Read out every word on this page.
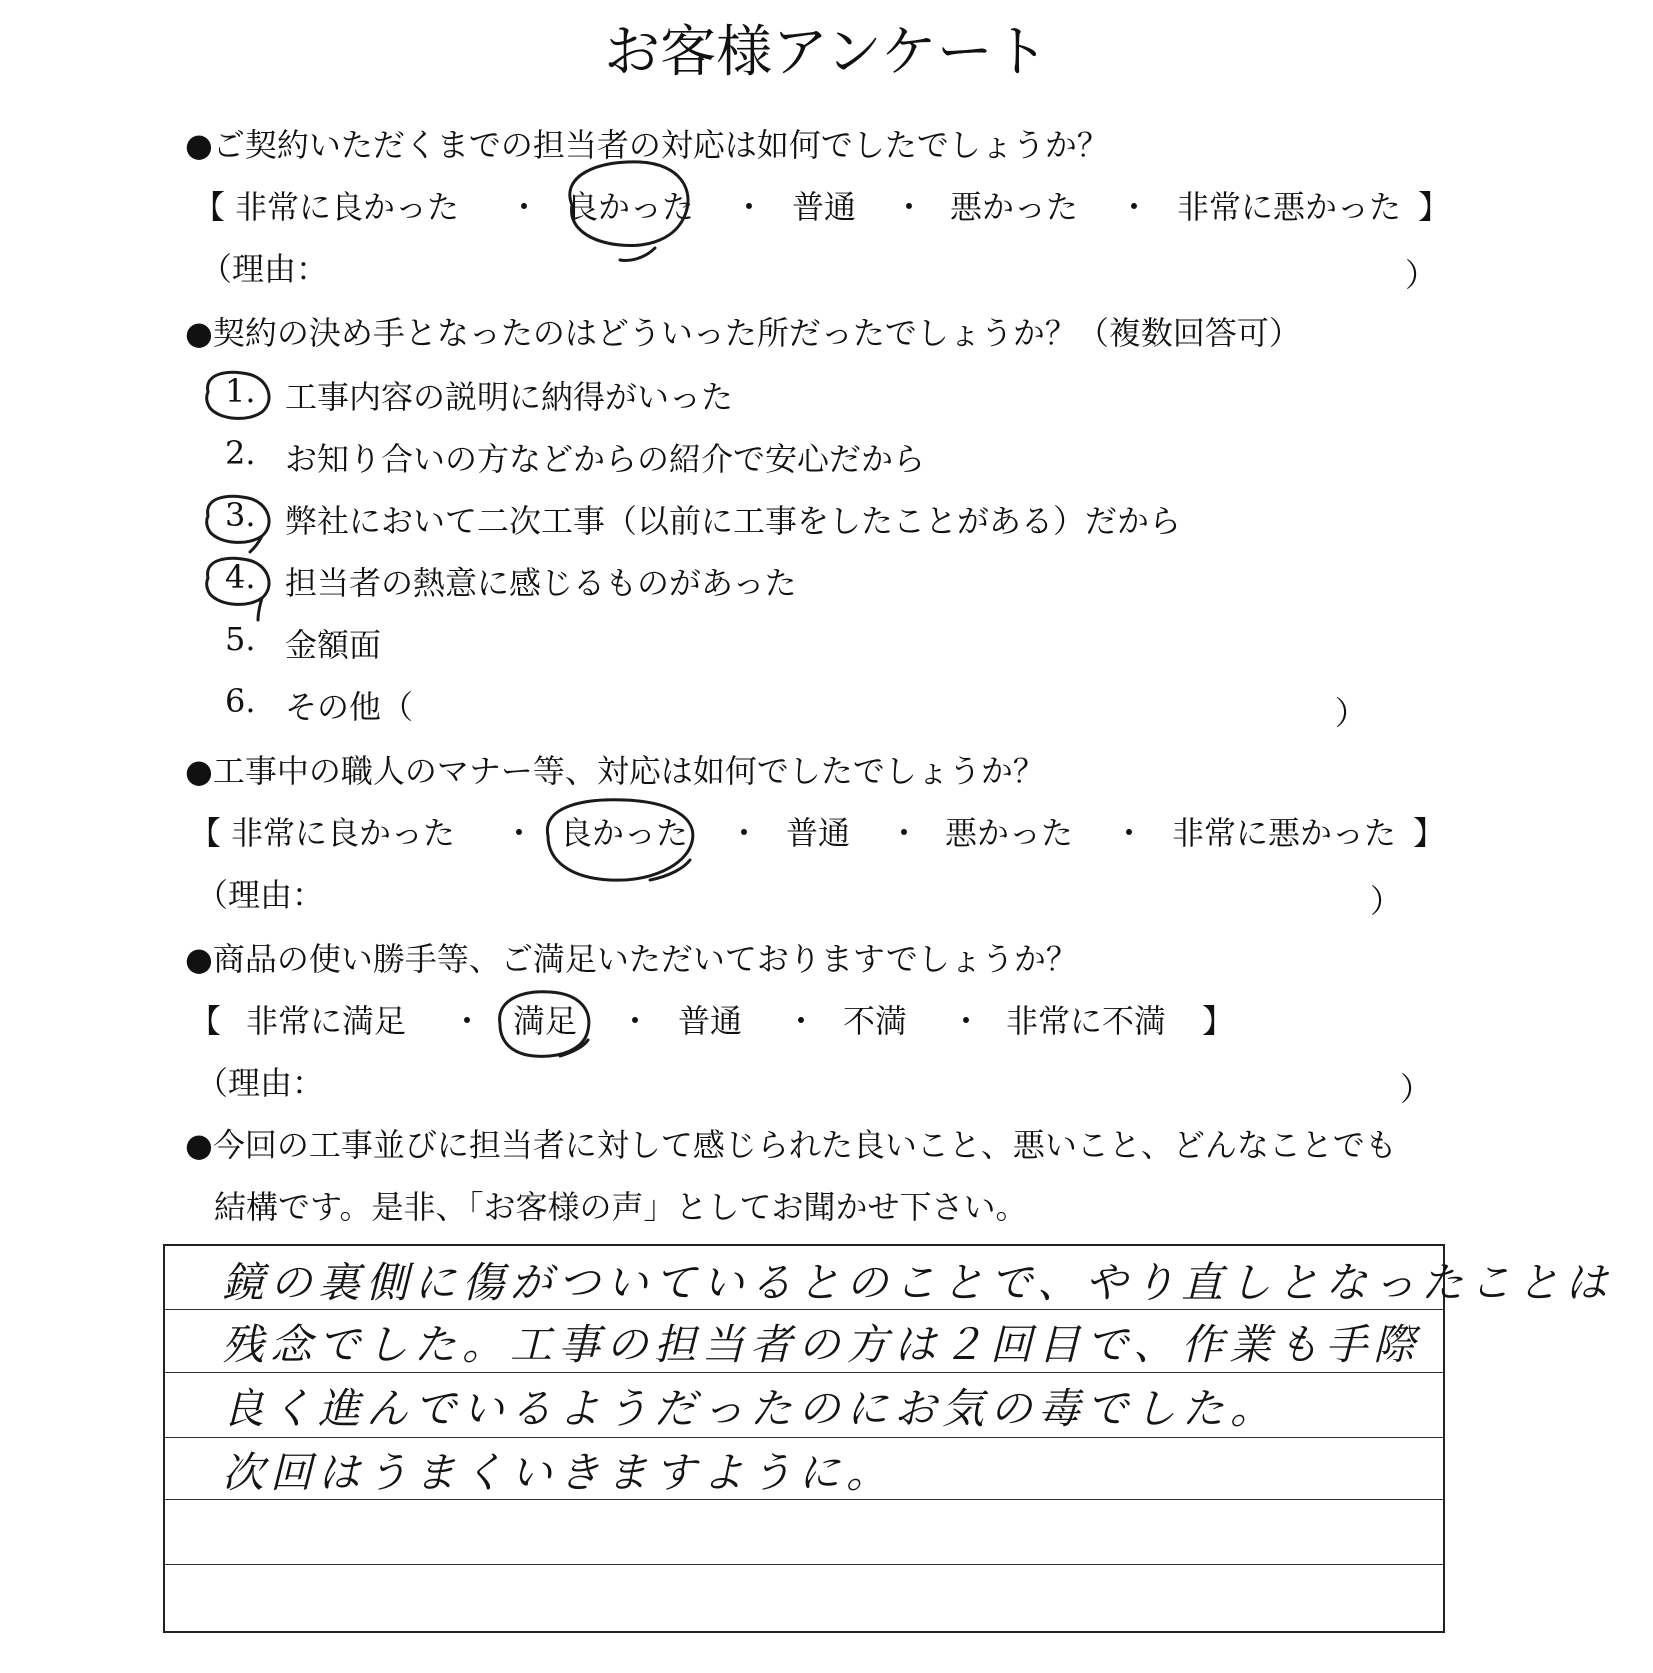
お客様アンケート
●ご契約いただくまでの担当者の対応は如何でしたでしょうか？
【 非常に良かった ・ 良かった ・ 普通 ・ 悪かった ・ 非常に悪かった 】
（理由：	）
●契約の決め手となったのはどういった所だったでしょうか？（複数回答可）
1. 工事内容の説明に納得がいった
2. お知り合いの方などからの紹介で安心だから
3. 弊社において二次工事（以前に工事をしたことがある）だから
4. 担当者の熱意に感じるものがあった
5. 金額面
6. その他（	）
●工事中の職人のマナー等、対応は如何でしたでしょうか？
【 非常に良かった ・ 良かった ・ 普通 ・ 悪かった ・ 非常に悪かった 】
（理由：	）
●商品の使い勝手等、ご満足いただいておりますでしょうか？
【 非常に満足 ・ 満足 ・ 普通 ・ 不満 ・ 非常に不満 】
（理由：	）
●今回の工事並びに担当者に対して感じられた良いこと、悪いこと、どんなことでも
結構です。是非、「お客様の声」としてお聞かせ下さい。
鏡の裏側に傷がついているとのことで、やり直しとなったことは
残念でした。工事の担当者の方は２回目で、作業も手際
良く進んでいるようだったのにお気の毒でした。
次回はうまくいきますように。
